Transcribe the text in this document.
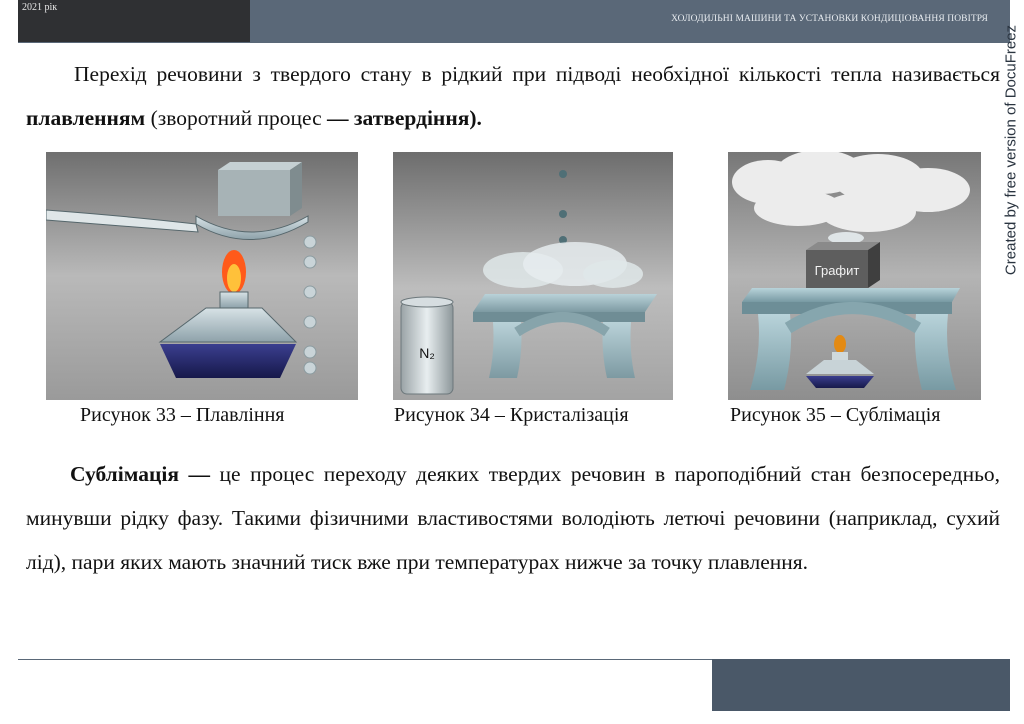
2021 рік
ХОЛОДИЛЬНІ МАШИНИ ТА УСТАНОВКИ КОНДИЦІОВАННЯ ПОВІТРЯ
Created by free version of DocuFreez
Перехід речовини з твердого стану в рідкий при підводі необхідної кількості тепла називається плавленням (зворотний процес — затвердіння).
N₂
Графит
Рисунок 33 – Плавління	Рисунок 34 – Кристалізація	Рисунок 35 – Сублімація
Сублімація — це процес переходу деяких твердих речовин в пароподібний стан безпосередньо, минувши рідку фазу. Такими фізичними властивостями володіють летючі речовини (наприклад, сухий лід), пари яких мають значний тиск вже при температурах нижче за точку плавлення.
